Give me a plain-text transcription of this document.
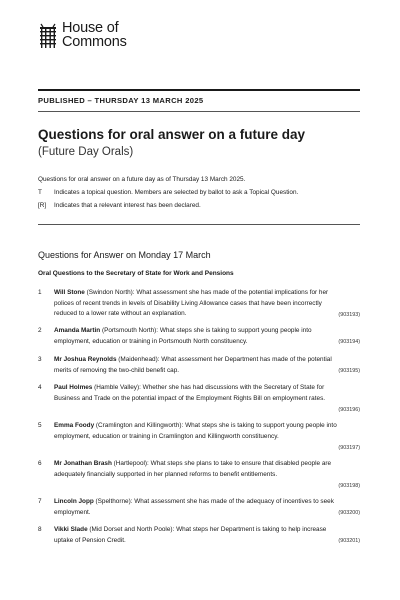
House of
Commons
PUBLISHED – THURSDAY 13 MARCH 2025
Questions for oral answer on a future day
(Future Day Orals)
Questions for oral answer on a future day as of Thursday 13 March 2025.
T	Indicates a topical question. Members are selected by ballot to ask a Topical Question.
[R]	Indicates that a relevant interest has been declared.
Questions for Answer on Monday 17 March
Oral Questions to the Secretary of State for Work and Pensions
1 Will Stone (Swindon North): What assessment she has made of the potential implications for her polices of recent trends in levels of Disability Living Allowance cases that have been incorrectly reduced to a lower rate without an explanation.	(903193)
2 Amanda Martin (Portsmouth North): What steps she is taking to support young people into employment, education or training in Portsmouth North constituency.	(903194)
3 Mr Joshua Reynolds (Maidenhead): What assessment her Department has made of the potential merits of removing the two-child benefit cap.	(903195)
4 Paul Holmes (Hamble Valley): Whether she has had discussions with the Secretary of State for Business and Trade on the potential impact of the Employment Rights Bill on employment rates.
(903196)
5 Emma Foody (Cramlington and Killingworth): What steps she is taking to support young people into employment, education or training in Cramlington and Killingworth constituency.
(903197)
6 Mr Jonathan Brash (Hartlepool): What steps she plans to take to ensure that disabled people are adequately financially supported in her planned reforms to benefit entitlements.
(903198)
7 Lincoln Jopp (Spelthorne): What assessment she has made of the adequacy of incentives to seek employment.	(903200)
8 Vikki Slade (Mid Dorset and North Poole): What steps her Department is taking to help increase uptake of Pension Credit.	(903201)
